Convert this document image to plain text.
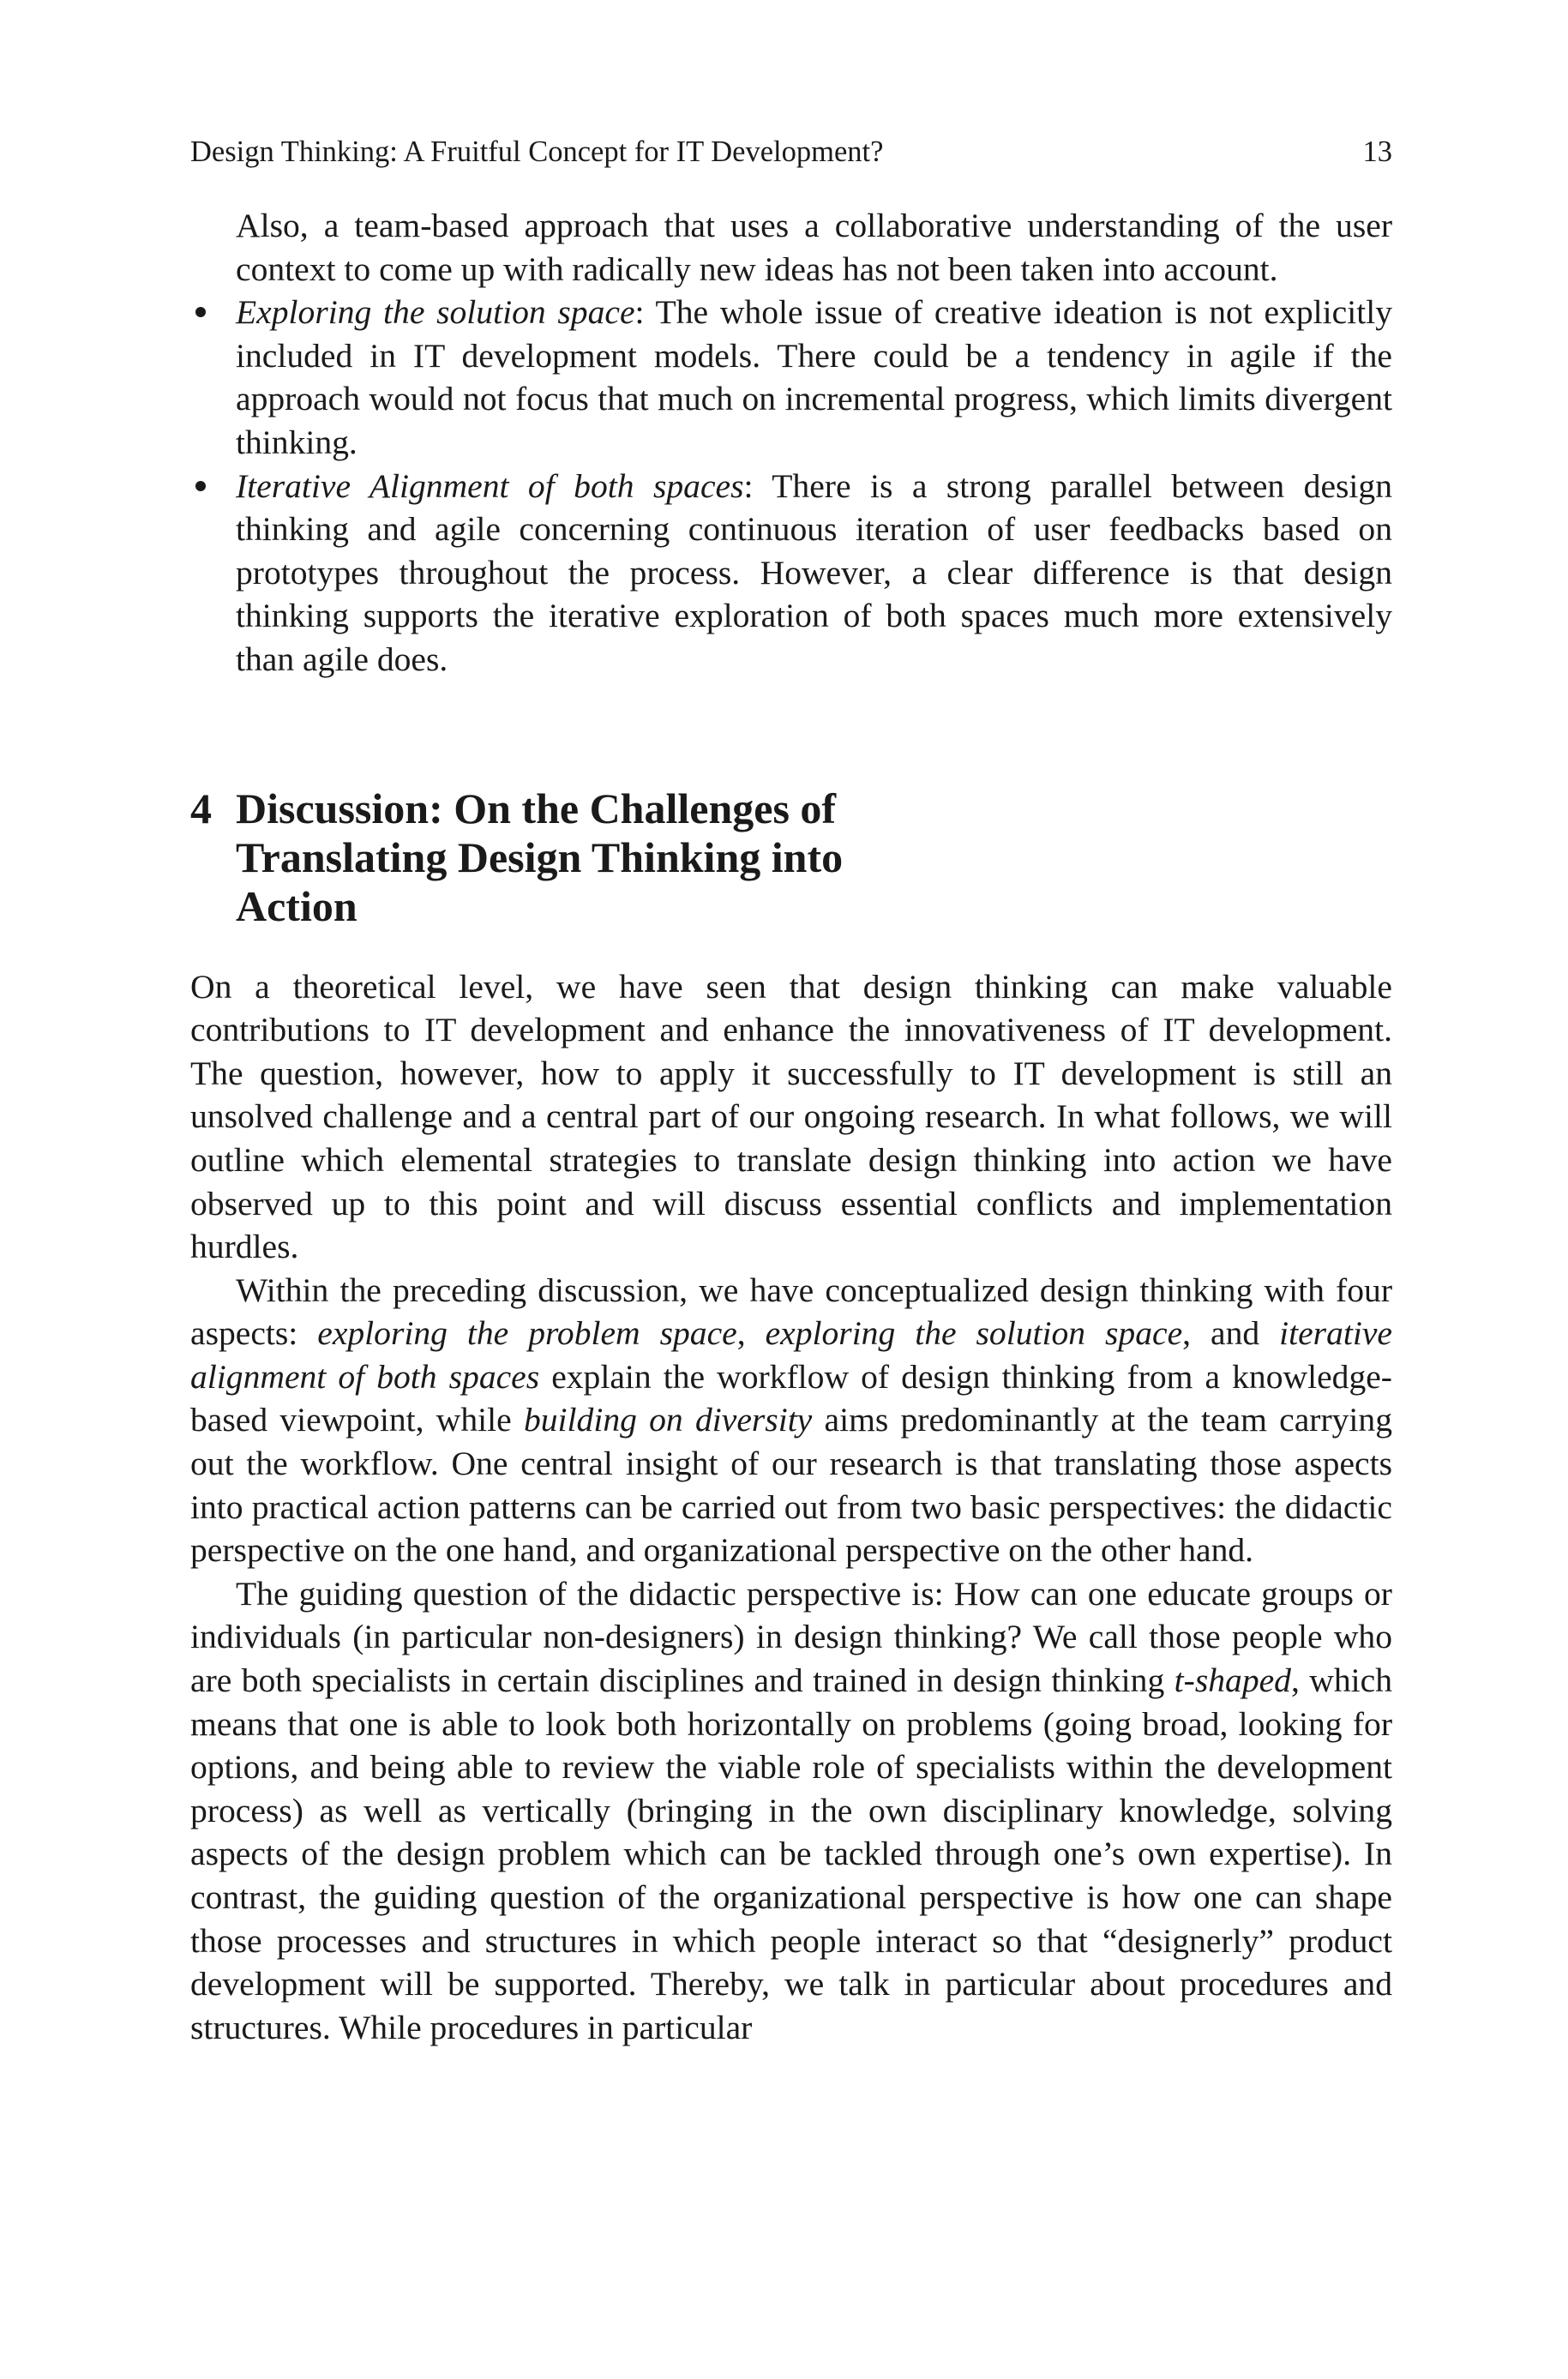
Design Thinking: A Fruitful Concept for IT Development?	13

Also, a team-based approach that uses a collaborative understanding of the user context to come up with radically new ideas has not been taken into account.

Exploring the solution space: The whole issue of creative ideation is not explicitly included in IT development models. There could be a tendency in agile if the approach would not focus that much on incremental progress, which limits divergent thinking.
Iterative Alignment of both spaces: There is a strong parallel between design thinking and agile concerning continuous iteration of user feedbacks based on prototypes throughout the process. However, a clear difference is that design thinking supports the iterative exploration of both spaces much more extensively than agile does.
4 Discussion: On the Challenges of Translating Design Thinking into Action

On a theoretical level, we have seen that design thinking can make valuable contributions to IT development and enhance the innovativeness of IT development. The question, however, how to apply it successfully to IT development is still an unsolved challenge and a central part of our ongoing research. In what follows, we will outline which elemental strategies to translate design thinking into action we have observed up to this point and will discuss essential conflicts and implementation hurdles.

Within the preceding discussion, we have conceptualized design thinking with four aspects: exploring the problem space, exploring the solution space, and iterative alignment of both spaces explain the workflow of design thinking from a knowledge-based viewpoint, while building on diversity aims predominantly at the team carrying out the workflow. One central insight of our research is that translating those aspects into practical action patterns can be carried out from two basic perspectives: the didactic perspective on the one hand, and organizational perspective on the other hand.

The guiding question of the didactic perspective is: How can one educate groups or individuals (in particular non-designers) in design thinking? We call those people who are both specialists in certain disciplines and trained in design thinking t-shaped, which means that one is able to look both horizontally on problems (going broad, looking for options, and being able to review the viable role of specialists within the development process) as well as vertically (bringing in the own disciplinary knowledge, solving aspects of the design problem which can be tackled through one’s own expertise). In contrast, the guiding question of the organizational perspective is how one can shape those processes and structures in which people interact so that “designerly” product development will be supported. Thereby, we talk in particular about procedures and structures. While procedures in particular
